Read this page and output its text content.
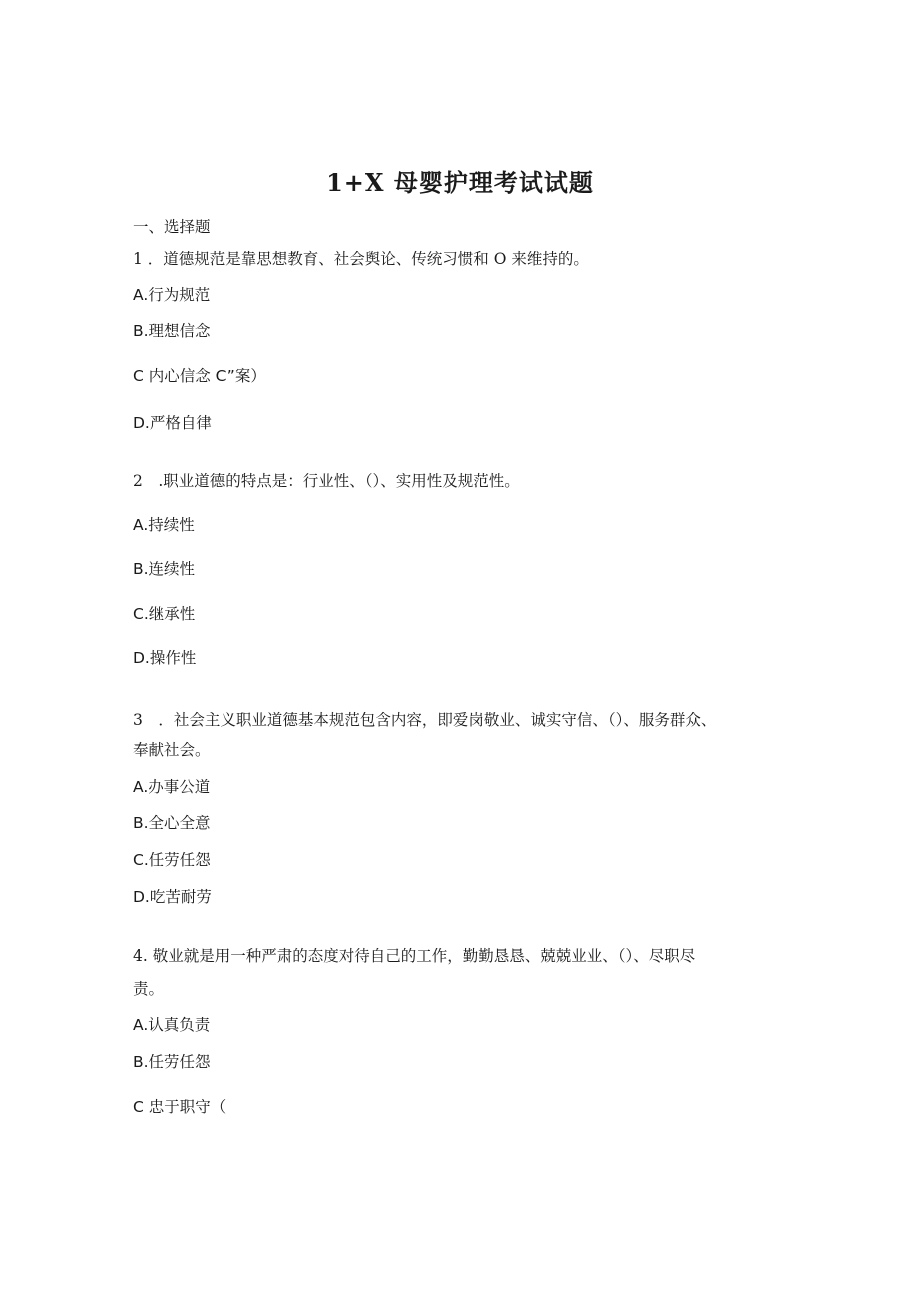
1+X 母婴护理考试试题
一、选择题
1 ．道德规范是靠思想教育、社会舆论、传统习惯和 O 来维持的。
A.行为规范
B.理想信念
C 内心信念 C”案）
D.严格自律
2　.职业道德的特点是：行业性、（）、实用性及规范性。
A.持续性
B.连续性
C.继承性
D.操作性
3　．社会主义职业道德基本规范包含内容，即爱岗敬业、诚实守信、（）、服务群众、
奉献社会。
A.办事公道
B.全心全意
C.任劳任怨
D.吃苦耐劳
4. 敬业就是用一种严肃的态度对待自己的工作，勤勤恳恳、兢兢业业、（）、尽职尽
责。
A.认真负责
B.任劳任怨
C 忠于职守（
